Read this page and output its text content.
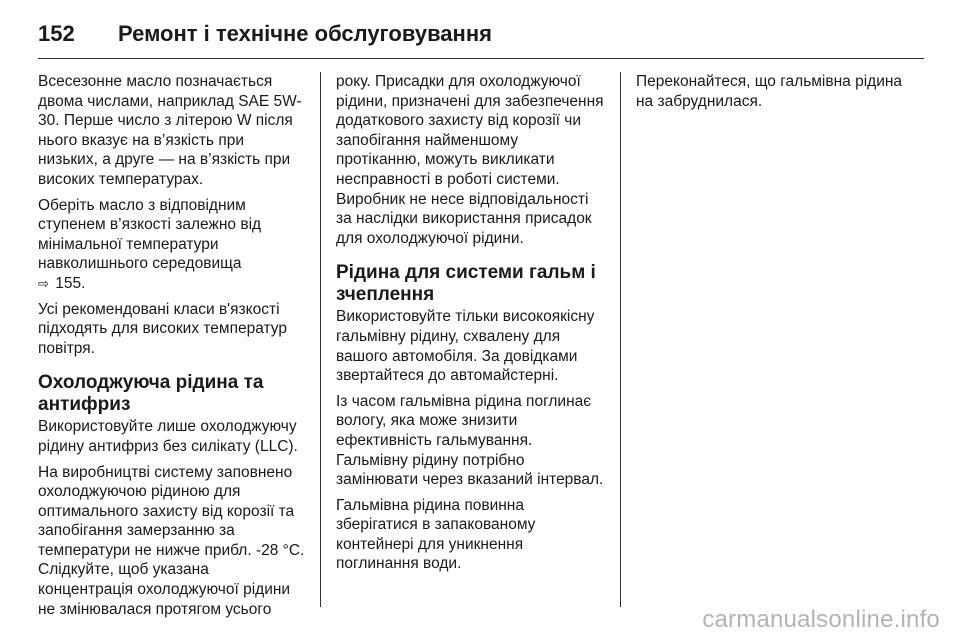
152	Ремонт і технічне обслуговування

Всесезонне масло позначається двома числами, наприклад SAE 5W-30. Перше число з літерою W після нього вказує на в’язкість при низьких, а друге — на в’язкість при високих температурах.

Оберіть масло з відповідним ступенем в’язкості залежно від мінімальної температури навколишнього середовища
⇨ 155.

Усі рекомендовані класи в'язкості підходять для високих температур повітря.

Охолоджуюча рідина та антифриз

Використовуйте лише охолоджуючу рідину антифриз без силікату (LLC).

На виробництві систему заповнено охолоджуючою рідиною для оптимального захисту від корозії та запобігання замерзанню за температури не нижче прибл. -28 °C. Слідкуйте, щоб указана концентрація охолоджуючої рідини не змінювалася протягом усього

року. Присадки для охолоджуючої рідини, призначені для забезпечення додаткового захисту від корозії чи запобігання найменшому протіканню, можуть викликати несправності в роботі системи. Виробник не несе відповідальності за наслідки використання присадок для охолоджуючої рідини.

Рідина для системи гальм і зчеплення

Використовуйте тільки високоякісну гальмівну рідину, схвалену для вашого автомобіля. За довідками звертайтеся до автомайстерні.

Із часом гальмівна рідина поглинає вологу, яка може знизити ефективність гальмування. Гальмівну рідину потрібно замінювати через вказаний інтервал.

Гальмівна рідина повинна зберігатися в запакованому контейнері для уникнення поглинання води.

Переконайтеся, що гальмівна рідина на забруднилася.

carmanualsonline.info
